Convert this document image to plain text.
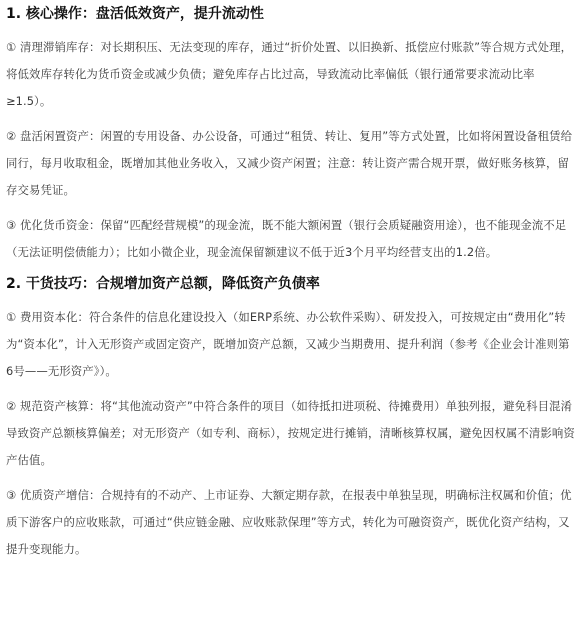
1. 核心操作：盘活低效资产，提升流动性

① 清理滞销库存：对长期积压、无法变现的库存，通过“折价处置、以旧换新、抵偿应付账款”等合规方式处理，将低效库存转化为货币资金或减少负债；避免库存占比过高，导致流动比率偏低（银行通常要求流动比率≥1.5）。

② 盘活闲置资产：闲置的专用设备、办公设备，可通过“租赁、转让、复用”等方式处置，比如将闲置设备租赁给同行，每月收取租金，既增加其他业务收入，又减少资产闲置；注意：转让资产需合规开票，做好账务核算，留存交易凭证。

③ 优化货币资金：保留“匹配经营规模”的现金流，既不能大额闲置（银行会质疑融资用途），也不能现金流不足（无法证明偿债能力）；比如小微企业，现金流保留额建议不低于近3个月平均经营支出的1.2倍。

2. 干货技巧：合规增加资产总额，降低资产负债率

① 费用资本化：符合条件的信息化建设投入（如ERP系统、办公软件采购）、研发投入，可按规定由“费用化”转为“资本化”，计入无形资产或固定资产，既增加资产总额，又减少当期费用、提升利润（参考《企业会计准则第6号——无形资产》）。

② 规范资产核算：将“其他流动资产”中符合条件的项目（如待抵扣进项税、待摊费用）单独列报，避免科目混淆导致资产总额核算偏差；对无形资产（如专利、商标），按规定进行摊销，清晰核算权属，避免因权属不清影响资产估值。

③ 优质资产增信：合规持有的不动产、上市证券、大额定期存款，在报表中单独呈现，明确标注权属和价值；优质下游客户的应收账款，可通过“供应链金融、应收账款保理”等方式，转化为可融资资产，既优化资产结构，又提升变现能力。
